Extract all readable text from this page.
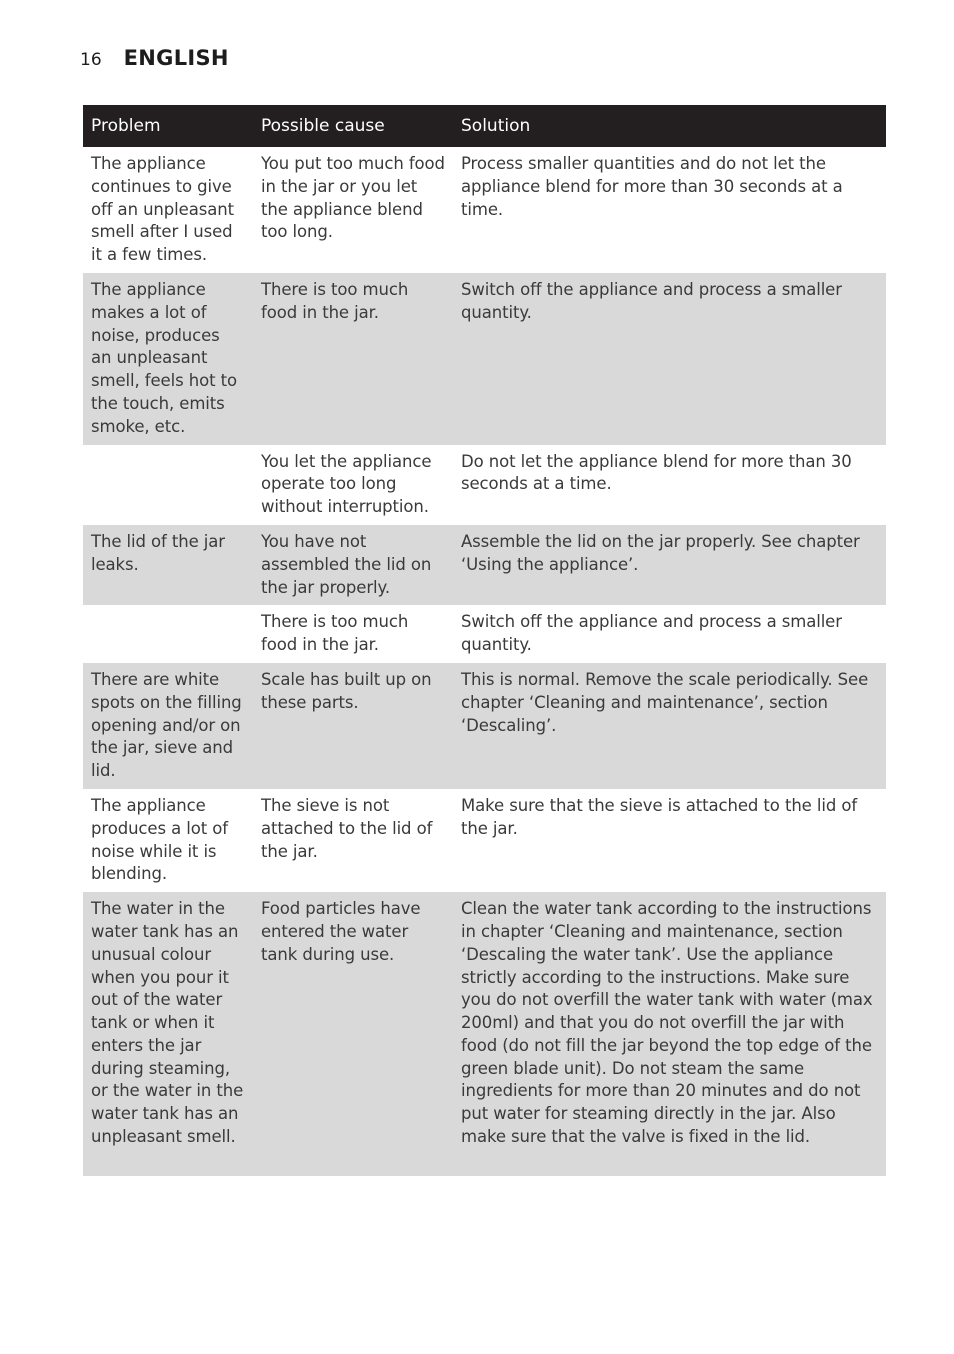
16 ENGLISH
Problem	Possible cause	Solution
The appliance continues to give off an unpleasant smell after I used it a few times.	You put too much food in the jar or you let the appliance blend too long.	Process smaller quantities and do not let the appliance blend for more than 30 seconds at a time.
The appliance makes a lot of noise, produces an unpleasant smell, feels hot to the touch, emits smoke, etc.	There is too much food in the jar.	Switch off the appliance and process a smaller quantity.
	You let the appliance operate too long without interruption.	Do not let the appliance blend for more than 30 seconds at a time.
The lid of the jar leaks.	You have not assembled the lid on the jar properly.	Assemble the lid on the jar properly. See chapter ‘Using the appliance’.
	There is too much food in the jar.	Switch off the appliance and process a smaller quantity.
There are white spots on the filling opening and/or on the jar, sieve and lid.	Scale has built up on these parts.	This is normal. Remove the scale periodically. See chapter ‘Cleaning and maintenance’, section ‘Descaling’.
The appliance produces a lot of noise while it is blending.	The sieve is not attached to the lid of the jar.	Make sure that the sieve is attached to the lid of the jar.
The water in the water tank has an unusual colour when you pour it out of the water tank or when it enters the jar during steaming, or the water in the water tank has an unpleasant smell.	Food particles have entered the water tank during use.	Clean the water tank according to the instructions in chapter ‘Cleaning and maintenance, section ‘Descaling the water tank’. Use the appliance strictly according to the instructions. Make sure you do not overfill the water tank with water (max 200ml) and that you do not overfill the jar with food (do not fill the jar beyond the top edge of the green blade unit). Do not steam the same ingredients for more than 20 minutes and do not put water for steaming directly in the jar. Also make sure that the valve is fixed in the lid.
